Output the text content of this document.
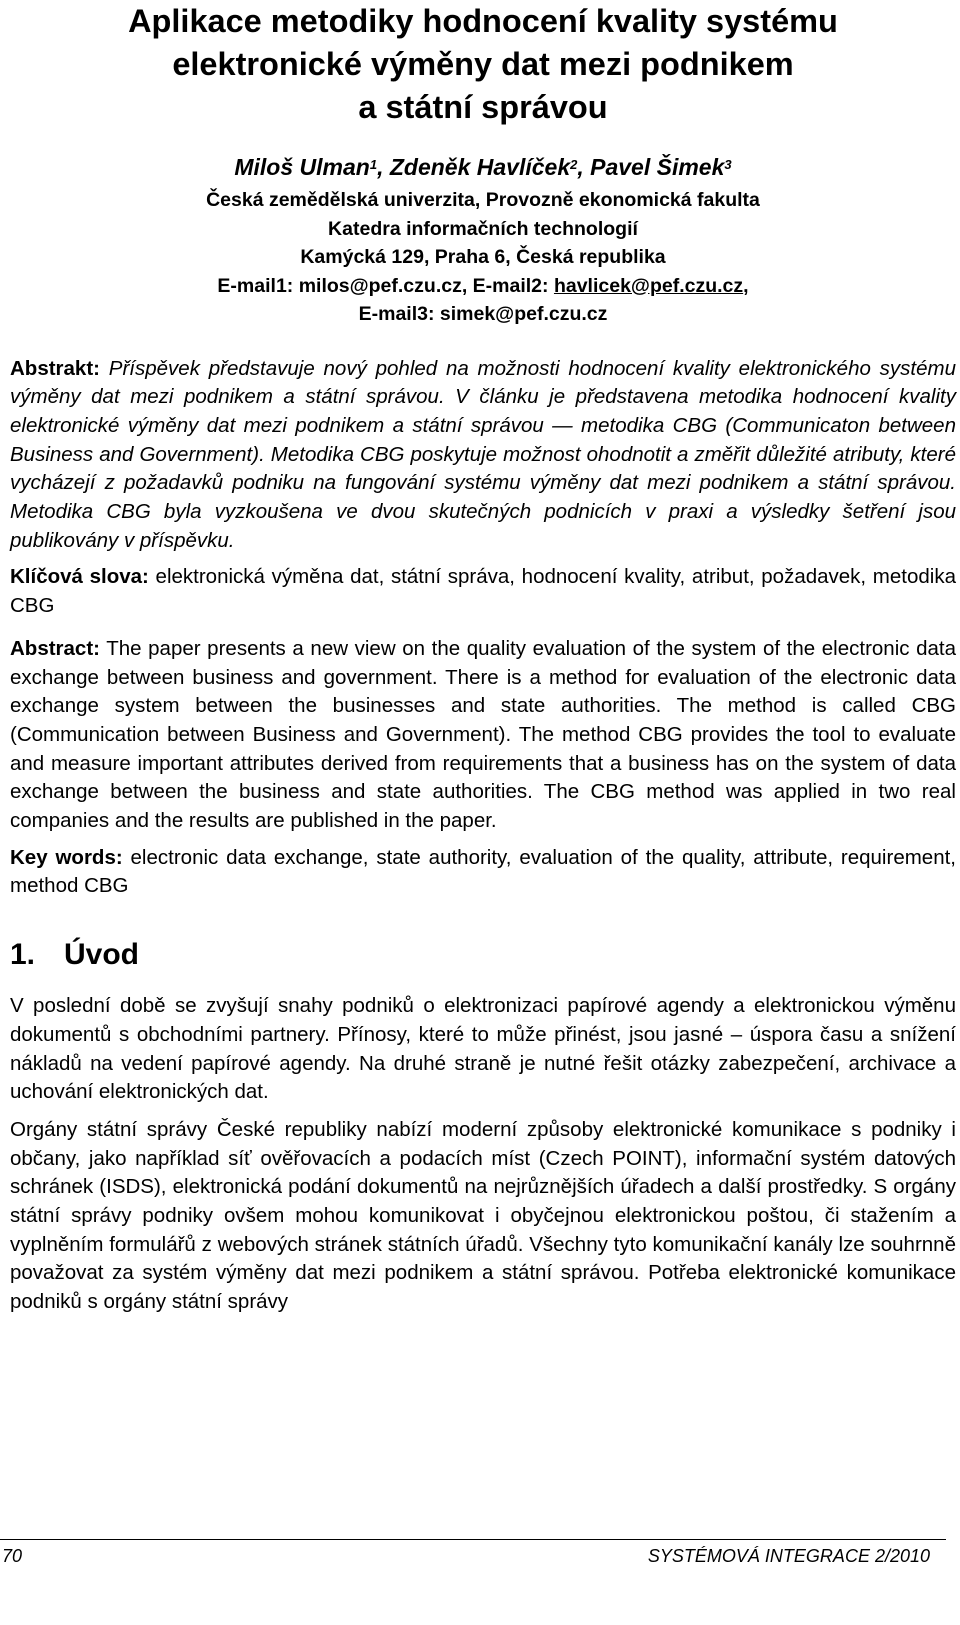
Aplikace metodiky hodnocení kvality systému
elektronické výměny dat mezi podnikem
a státní správou
Miloš Ulman$^1$, Zdeněk Havlíček$^2$, Pavel Šimek$^3$
Česká zemědělská univerzita, Provozně ekonomická fakulta
Katedra informačních technologií
Kamýcká 129, Praha 6, Česká republika
E-mail1: milos@pef.czu.cz, E-mail2: havlicek@pef.czu.cz,
E-mail3: simek@pef.czu.cz

Abstrakt: Příspěvek představuje nový pohled na možnosti hodnocení kvality elektronického systému výměny dat mezi podnikem a státní správou. V článku je představena metodika hodnocení kvality elektronické výměny dat mezi podnikem a státní správou — metodika CBG (Communicaton between Business and Government). Metodika CBG poskytuje možnost ohodnotit a změřit důležité atributy, které vycházejí z požadavků podniku na fungování systému výměny dat mezi podnikem a státní správou. Metodika CBG byla vyzkoušena ve dvou skutečných podnicích v praxi a výsledky šetření jsou publikovány v příspěvku.

Klíčová slova: elektronická výměna dat, státní správa, hodnocení kvality, atribut, požadavek, metodika CBG

Abstract: The paper presents a new view on the quality evaluation of the system of the electronic data exchange between business and government. There is a method for evaluation of the electronic data exchange system between the businesses and state authorities. The method is called CBG (Communication between Business and Government). The method CBG provides the tool to evaluate and measure important attributes derived from requirements that a business has on the system of data exchange between the business and state authorities. The CBG method was applied in two real companies and the results are published in the paper.

Key words: electronic data exchange, state authority, evaluation of the quality, attribute, requirement, method CBG

1. Úvod

V poslední době se zvyšují snahy podniků o elektronizaci papírové agendy a elektronickou výměnu dokumentů s obchodními partnery. Přínosy, které to může přinést, jsou jasné – úspora času a snížení nákladů na vedení papírové agendy. Na druhé straně je nutné řešit otázky zabezpečení, archivace a uchování elektronických dat.

Orgány státní správy České republiky nabízí moderní způsoby elektronické komunikace s podniky i občany, jako například síť ověřovacích a podacích míst (Czech POINT), informační systém datových schránek (ISDS), elektronická podání dokumentů na nejrůznějších úřadech a další prostředky. S orgány státní správy podniky ovšem mohou komunikovat i obyčejnou elektronickou poštou, či stažením a vyplněním formulářů z webových stránek státních úřadů. Všechny tyto komunikační kanály lze souhrnně považovat za systém výměny dat mezi podnikem a státní správou. Potřeba elektronické komunikace podniků s orgány státní správy

70	SYSTÉMOVÁ INTEGRACE 2/2010
